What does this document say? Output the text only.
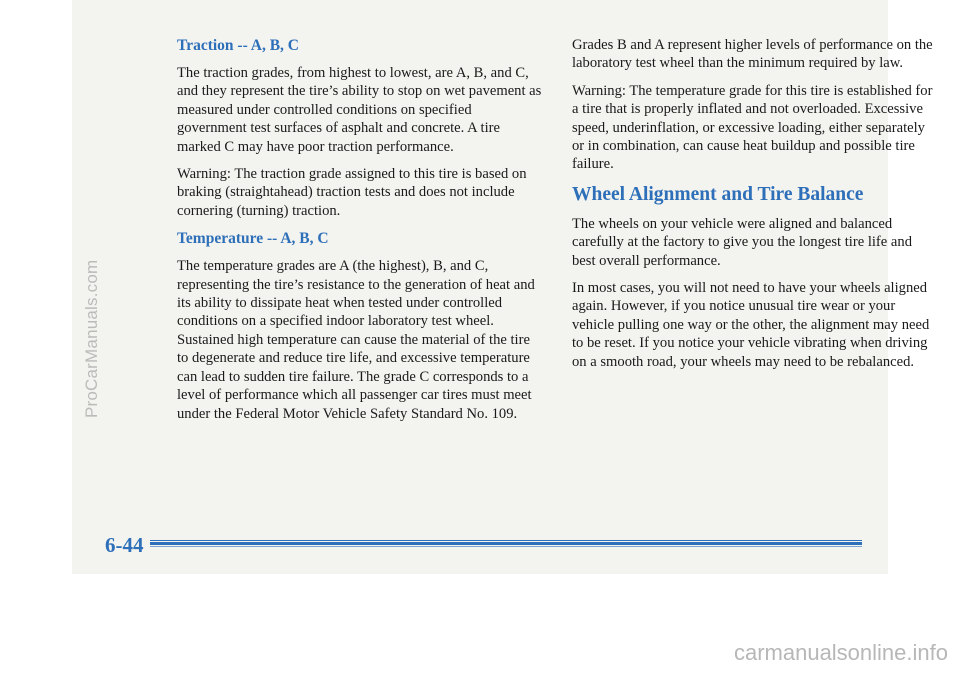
Traction -- A, B, C

The traction grades, from highest to lowest, are A, B, and C, and they represent the tire’s ability to stop on wet pavement as measured under controlled conditions on specified government test surfaces of asphalt and concrete. A tire marked C may have poor traction performance.

Warning: The traction grade assigned to this tire is based on braking (straightahead) traction tests and does not include cornering (turning) traction.

Temperature -- A, B, C

The temperature grades are A (the highest), B, and C, representing the tire’s resistance to the generation of heat and its ability to dissipate heat when tested under controlled conditions on a specified indoor laboratory test wheel. Sustained high temperature can cause the material of the tire to degenerate and reduce tire life, and excessive temperature can lead to sudden tire failure. The grade C corresponds to a level of performance which all passenger car tires must meet under the Federal Motor Vehicle Safety Standard No. 109.

Grades B and A represent higher levels of performance on the laboratory test wheel than the minimum required by law.

Warning: The temperature grade for this tire is established for a tire that is properly inflated and not overloaded. Excessive speed, underinflation, or excessive loading, either separately or in combination, can cause heat buildup and possible tire failure.

Wheel Alignment and Tire Balance

The wheels on your vehicle were aligned and balanced carefully at the factory to give you the longest tire life and best overall performance.

In most cases, you will not need to have your wheels aligned again. However, if you notice unusual tire wear or your vehicle pulling one way or the other, the alignment may need to be reset. If you notice your vehicle vibrating when driving on a smooth road, your wheels may need to be rebalanced.

6-44
ProCarManuals.com
carmanualsonline.info
